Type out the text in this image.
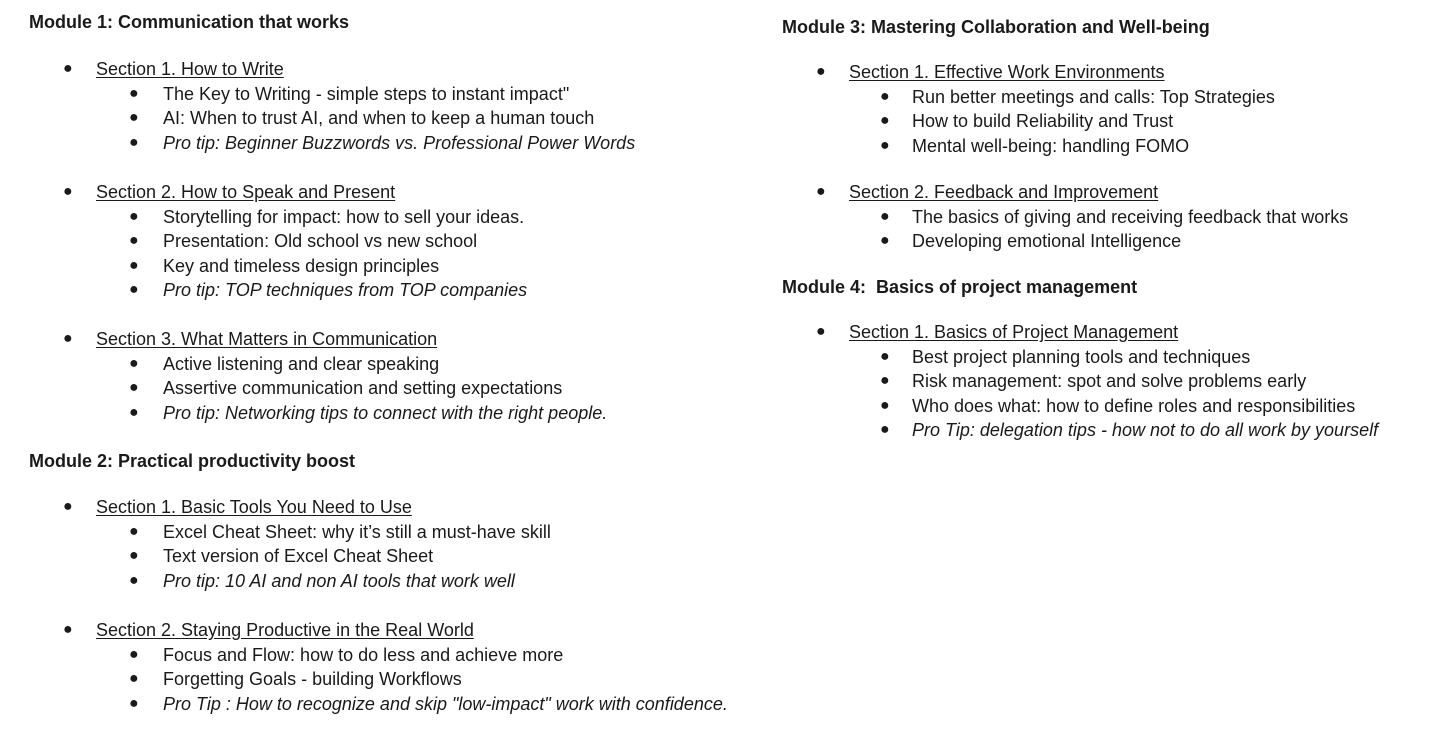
Module 1: Communication that works
● Section 1. How to Write
● The Key to Writing - simple steps to instant impact"
● AI: When to trust AI, and when to keep a human touch
● Pro tip: Beginner Buzzwords vs. Professional Power Words
● Section 2. How to Speak and Present
● Storytelling for impact: how to sell your ideas.
● Presentation: Old school vs new school
● Key and timeless design principles
● Pro tip: TOP techniques from TOP companies
● Section 3. What Matters in Communication
● Active listening and clear speaking
● Assertive communication and setting expectations
● Pro tip: Networking tips to connect with the right people.
Module 2: Practical productivity boost
● Section 1. Basic Tools You Need to Use
● Excel Cheat Sheet: why it’s still a must-have skill
● Text version of Excel Cheat Sheet
● Pro tip: 10 AI and non AI tools that work well
● Section 2. Staying Productive in the Real World
● Focus and Flow: how to do less and achieve more
● Forgetting Goals - building Workflows
● Pro Tip : How to recognize and skip "low-impact" work with confidence.
Module 3: Mastering Collaboration and Well-being
● Section 1. Effective Work Environments
● Run better meetings and calls: Top Strategies
● How to build Reliability and Trust
● Mental well-being: handling FOMO
● Section 2. Feedback and Improvement
● The basics of giving and receiving feedback that works
● Developing emotional Intelligence
Module 4:  Basics of project management
● Section 1. Basics of Project Management
● Best project planning tools and techniques
● Risk management: spot and solve problems early
● Who does what: how to define roles and responsibilities
● Pro Tip: delegation tips - how not to do all work by yourself
